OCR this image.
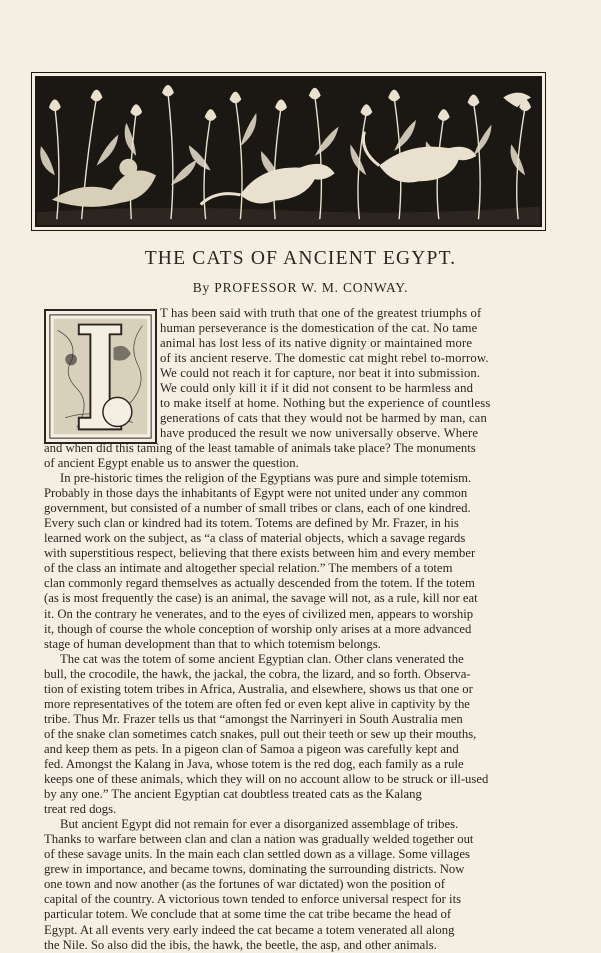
THE CATS OF ANCIENT EGYPT.
By PROFESSOR W. M. CONWAY.
T has been said with truth that one of the greatest triumphs of
human perseverance is the domestication of the cat. No tame
animal has lost less of its native dignity or maintained more
of its ancient reserve. The domestic cat might rebel to-morrow.
We could not reach it for capture, nor beat it into submission.
We could only kill it if it did not consent to be harmless and
to make itself at home. Nothing but the experience of countless
generations of cats that they would not be harmed by man, can
have produced the result we now universally observe. Where
and when did this taming of the least tamable of animals take place? The monuments
of ancient Egypt enable us to answer the question.
In pre-historic times the religion of the Egyptians was pure and simple totemism.
Probably in those days the inhabitants of Egypt were not united under any common
government, but consisted of a number of small tribes or clans, each of one kindred.
Every such clan or kindred had its totem. Totems are defined by Mr. Frazer, in his
learned work on the subject, as “a class of material objects, which a savage regards
with superstitious respect, believing that there exists between him and every member
of the class an intimate and altogether special relation.” The members of a totem
clan commonly regard themselves as actually descended from the totem. If the totem
(as is most frequently the case) is an animal, the savage will not, as a rule, kill nor eat
it. On the contrary he venerates, and to the eyes of civilized men, appears to worship
it, though of course the whole conception of worship only arises at a more advanced
stage of human development than that to which totemism belongs.
The cat was the totem of some ancient Egyptian clan. Other clans venerated the
bull, the crocodile, the hawk, the jackal, the cobra, the lizard, and so forth. Observa-
tion of existing totem tribes in Africa, Australia, and elsewhere, shows us that one or
more representatives of the totem are often fed or even kept alive in captivity by the
tribe. Thus Mr. Frazer tells us that “amongst the Narrinyeri in South Australia men
of the snake clan sometimes catch snakes, pull out their teeth or sew up their mouths,
and keep them as pets. In a pigeon clan of Samoa a pigeon was carefully kept and
fed. Amongst the Kalang in Java, whose totem is the red dog, each family as a rule
keeps one of these animals, which they will on no account allow to be struck or ill-used
by any one.” The ancient Egyptian cat doubtless treated cats as the Kalang
treat red dogs.
But ancient Egypt did not remain for ever a disorganized assemblage of tribes.
Thanks to warfare between clan and clan a nation was gradually welded together out
of these savage units. In the main each clan settled down as a village. Some villages
grew in importance, and became towns, dominating the surrounding districts. Now
one town and now another (as the fortunes of war dictated) won the position of
capital of the country. A victorious town tended to enforce universal respect for its
particular totem. We conclude that at some time the cat tribe became the head of
Egypt. At all events very early indeed the cat became a totem venerated all along
the Nile. So also did the ibis, the hawk, the beetle, the asp, and other animals.
